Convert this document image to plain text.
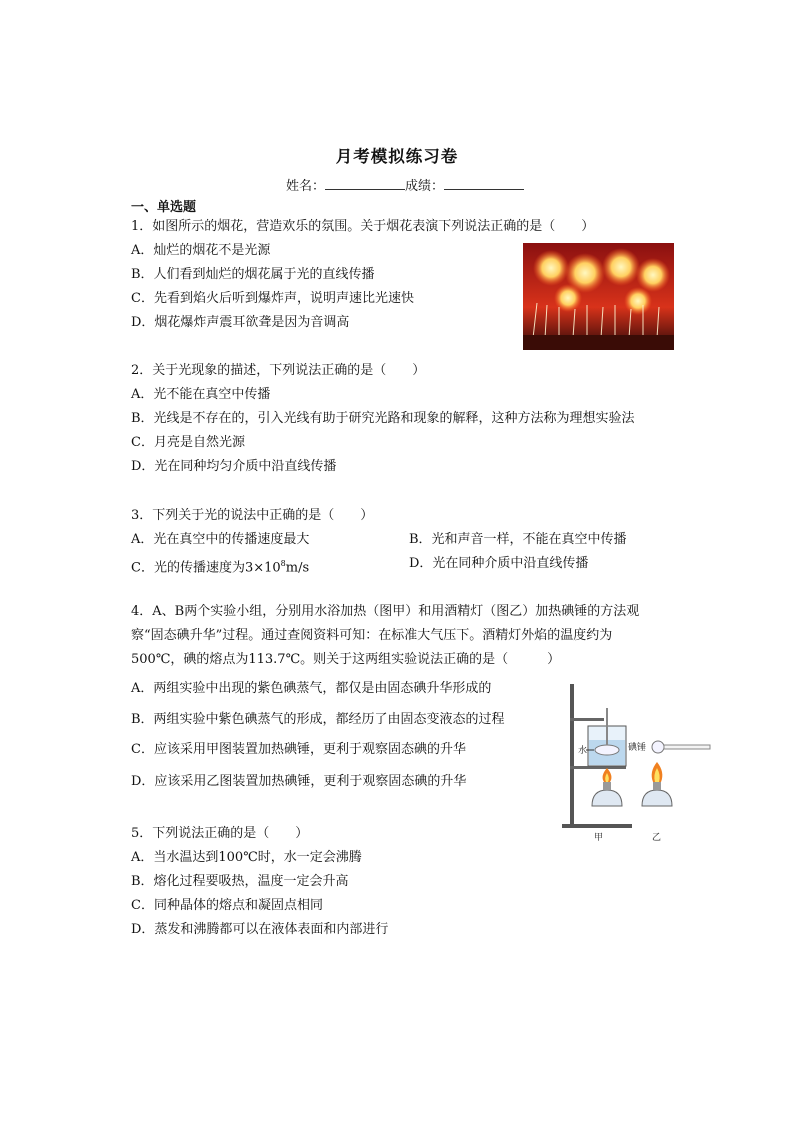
月考模拟练习卷
姓名：	成绩：
一、单选题
1．如图所示的烟花，营造欢乐的氛围。关于烟花表演下列说法正确的是（　　）
A．灿烂的烟花不是光源
B．人们看到灿烂的烟花属于光的直线传播
C．先看到焰火后听到爆炸声，说明声速比光速快
D．烟花爆炸声震耳欲聋是因为音调高
2．关于光现象的描述，下列说法正确的是（　　）
A．光不能在真空中传播
B．光线是不存在的，引入光线有助于研究光路和现象的解释，这种方法称为理想实验法
C．月亮是自然光源
D．光在同种均匀介质中沿直线传播
3．下列关于光的说法中正确的是（　　）
A．光在真空中的传播速度最大	B．光和声音一样，不能在真空中传播
C．光的传播速度为$3\times 10^8m/s$	D．光在同种介质中沿直线传播
4．A、B两个实验小组，分别用水浴加热（图甲）和用酒精灯（图乙）加热碘锤的方法观
察“固态碘升华”过程。通过查阅资料可知：在标准大气压下。酒精灯外焰的温度约为
500℃，碘的熔点为113.7℃。则关于这两组实验说法正确的是（　　　）
A．两组实验中出现的紫色碘蒸气，都仅是由固态碘升华形成的
B．两组实验中紫色碘蒸气的形成，都经历了由固态变液态的过程
C．应该采用甲图装置加热碘锤，更利于观察固态碘的升华
D．应该采用乙图装置加热碘锤，更利于观察固态碘的升华
水	碘锤
甲	乙
5．下列说法正确的是（　　）
A．当水温达到100℃时，水一定会沸腾
B．熔化过程要吸热，温度一定会升高
C．同种晶体的熔点和凝固点相同
D．蒸发和沸腾都可以在液体表面和内部进行
